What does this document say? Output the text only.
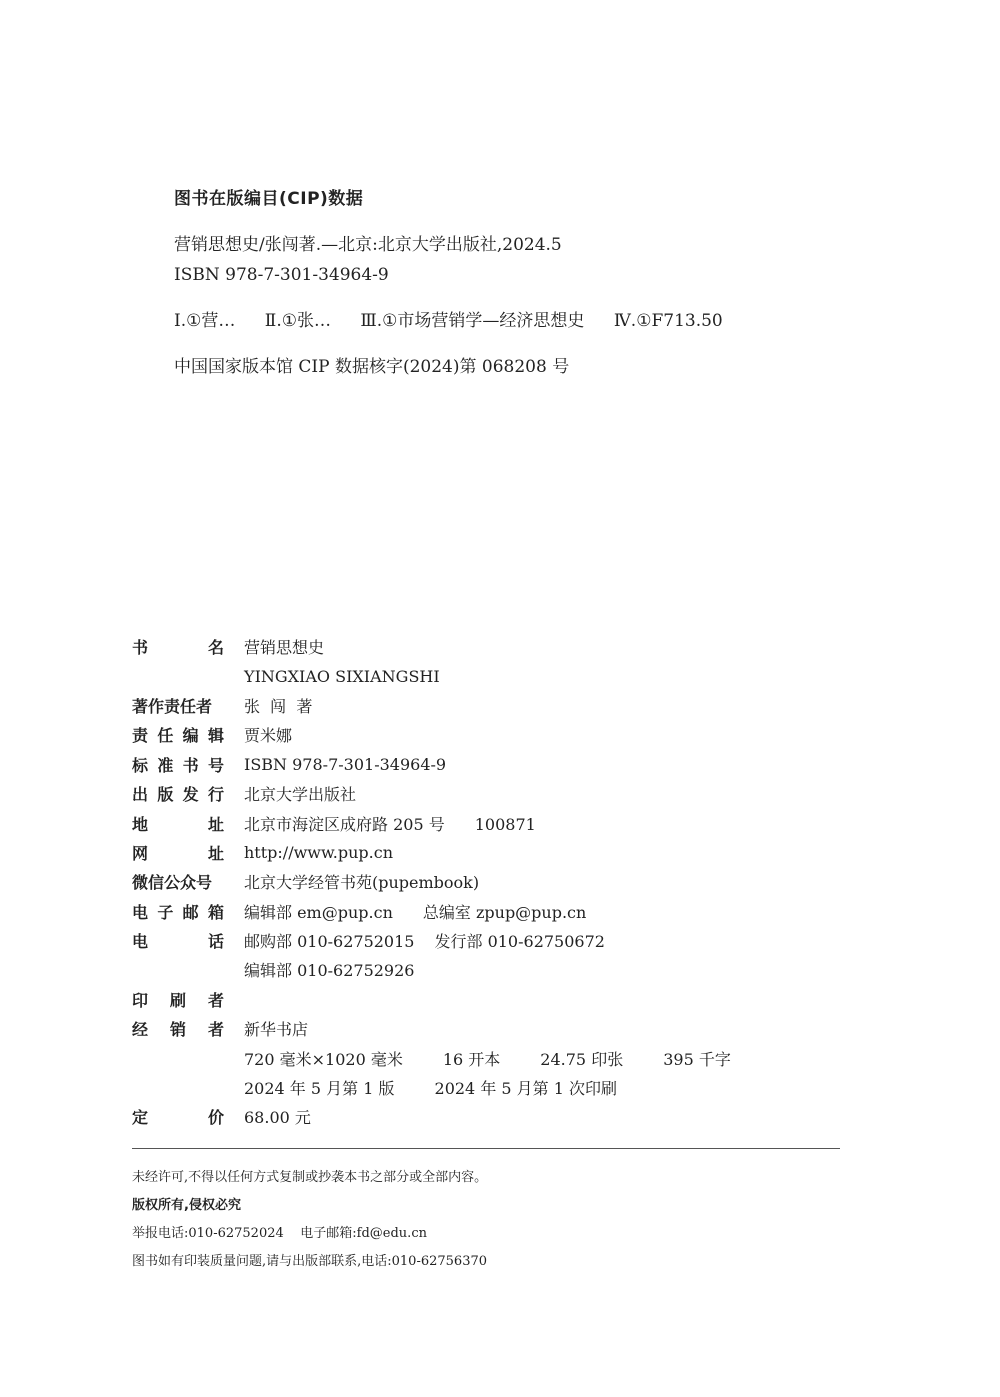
图书在版编目(CIP)数据
营销思想史/张闯著.—北京:北京大学出版社,2024.5
ISBN 978-7-301-34964-9
Ⅰ.①营… Ⅱ.①张… Ⅲ.①市场营销学—经济思想史 Ⅳ.①F713.50
中国国家版本馆 CIP 数据核字(2024)第 068208 号
书	名 营销思想史
YINGXIAO SIXIANGSHI
著作责任者	张  闯  著
责 任 编 辑 贾米娜
标 准 书 号 ISBN 978-7-301-34964-9
出 版 发 行 北京大学出版社
地	址 北京市海淀区成府路 205 号 100871
网	址 http://www.pup.cn
微信公众号	北京大学经管书苑(pupembook)
电 子 邮 箱 编辑部 em@pup.cn 总编室 zpup@pup.cn
电	话 邮购部 010-62752015 发行部 010-62750672
编辑部 010-62752926
印 刷 者
经 销 者 新华书店
720 毫米×1020 毫米	16 开本	24.75 印张	395 千字
2024 年 5 月第 1 版	2024 年 5 月第 1 次印刷
定	价 68.00 元
未经许可,不得以任何方式复制或抄袭本书之部分或全部内容。
版权所有,侵权必究
举报电话:010-62752024    电子邮箱:fd@edu.cn
图书如有印装质量问题,请与出版部联系,电话:010-62756370
